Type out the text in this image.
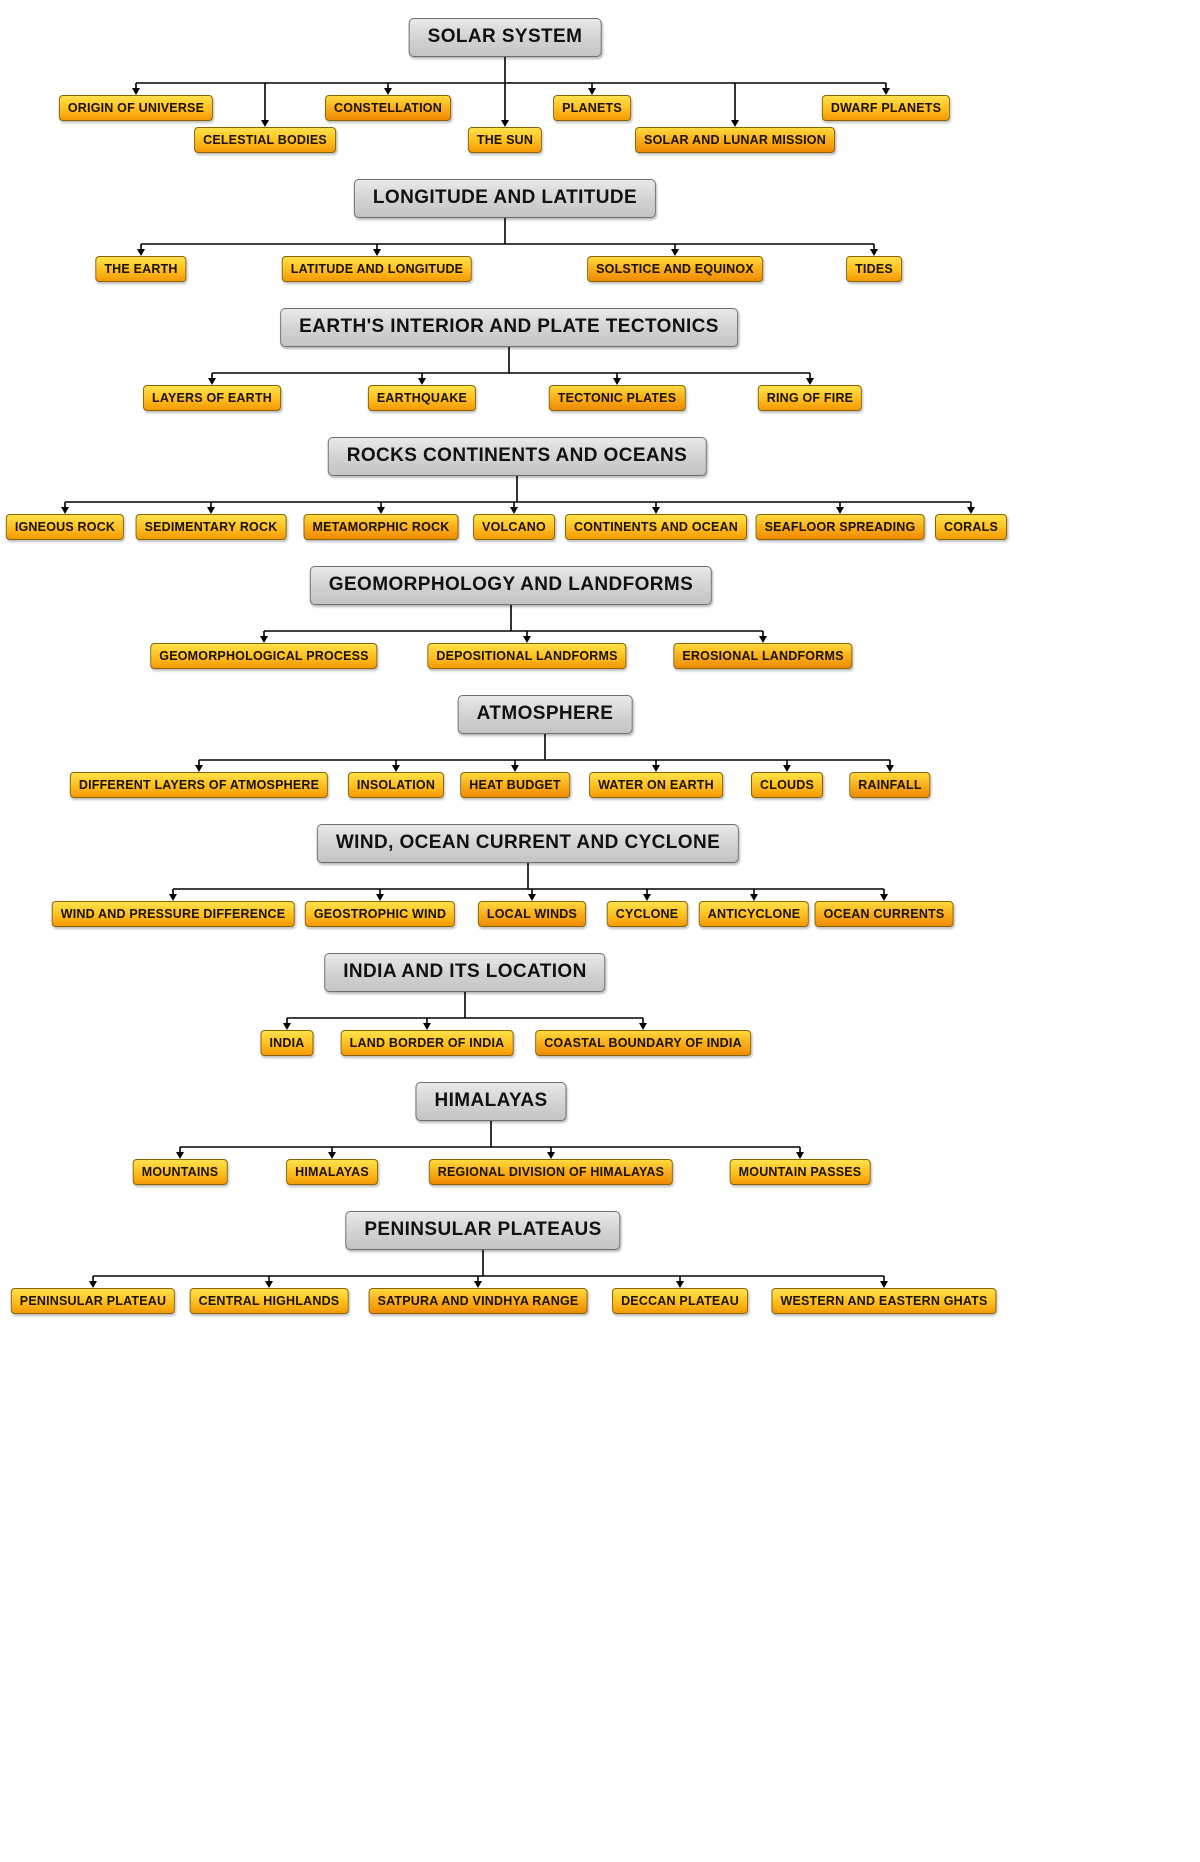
SOLAR SYSTEM
ORIGIN OF UNIVERSE
CELESTIAL BODIES
CONSTELLATION
THE SUN
PLANETS
SOLAR AND LUNAR MISSION
DWARF PLANETS
LONGITUDE AND LATITUDE
THE EARTH	LATITUDE AND LONGITUDE	SOLSTICE AND EQUINOX	TIDES
EARTH'S INTERIOR AND PLATE TECTONICS
LAYERS OF EARTH	EARTHQUAKE	TECTONIC PLATES	RING OF FIRE
ROCKS CONTINENTS AND OCEANS
IGNEOUS ROCK	SEDIMENTARY ROCK	METAMORPHIC ROCK	VOLCANO	CONTINENTS AND OCEAN	SEAFLOOR SPREADING	CORALS
GEOMORPHOLOGY AND LANDFORMS
GEOMORPHOLOGICAL PROCESS	DEPOSITIONAL LANDFORMS	EROSIONAL LANDFORMS
ATMOSPHERE
DIFFERENT LAYERS OF ATMOSPHERE	INSOLATION	HEAT BUDGET	WATER ON EARTH	CLOUDS	RAINFALL
WIND, OCEAN CURRENT AND CYCLONE
WIND AND PRESSURE DIFFERENCE	GEOSTROPHIC WIND	LOCAL WINDS	CYCLONE	ANTICYCLONE	OCEAN CURRENTS
INDIA AND ITS LOCATION
INDIA	LAND BORDER OF INDIA	COASTAL BOUNDARY OF INDIA
HIMALAYAS
MOUNTAINS	HIMALAYAS	REGIONAL DIVISION OF HIMALAYAS	MOUNTAIN PASSES
PENINSULAR PLATEAUS
PENINSULAR PLATEAU	CENTRAL HIGHLANDS	SATPURA AND VINDHYA RANGE	DECCAN PLATEAU	WESTERN AND EASTERN GHATS
